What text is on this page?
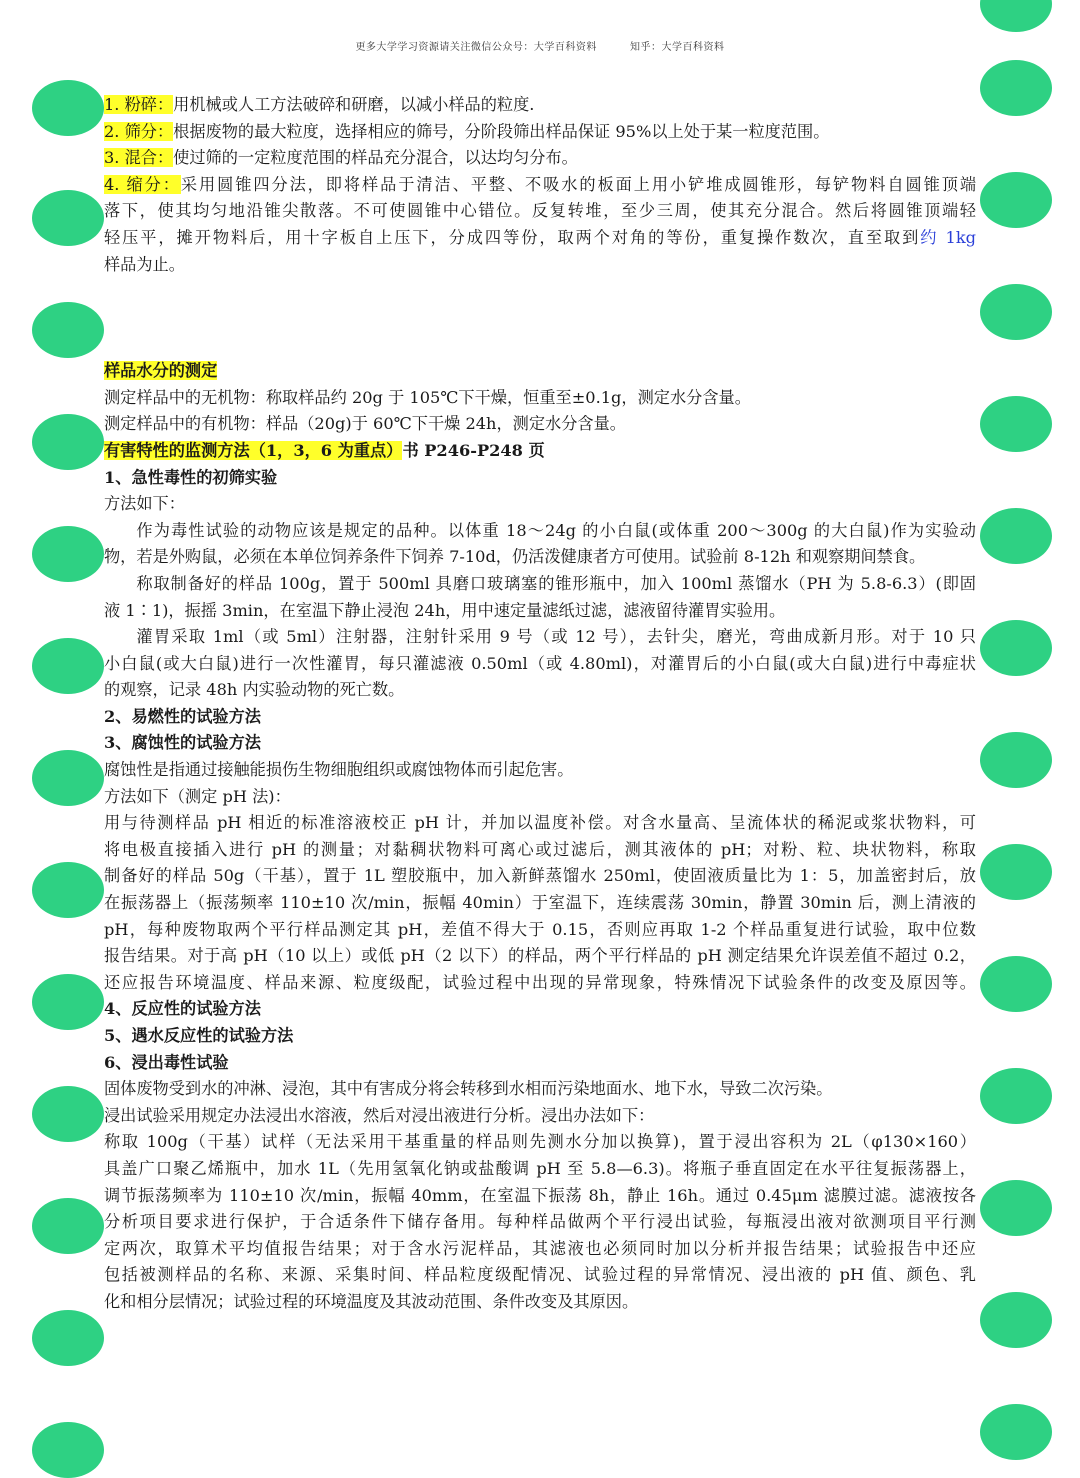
更多大学学习资源请关注微信公众号：大学百科资料	知乎：大学百科资料

1. 粉碎：用机械或人工方法破碎和研磨，以减小样品的粒度.

2. 筛分：根据废物的最大粒度，选择相应的筛号，分阶段筛出样品保证 95%以上处于某一粒度范围。

3. 混合：使过筛的一定粒度范围的样品充分混合，以达均匀分布。

4. 缩分：采用圆锥四分法，即将样品于清洁、平整、不吸水的板面上用小铲堆成圆锥形，每铲物料自圆锥顶端

落下，使其均匀地沿锥尖散落。不可使圆锥中心错位。反复转堆，至少三周，使其充分混合。然后将圆锥顶端轻

轻压平，摊开物料后，用十字板自上压下，分成四等份，取两个对角的等份，重复操作数次，直至取到约 1kg

样品为止。

样品水分的测定

测定样品中的无机物：称取样品约 20g 于 105℃下干燥，恒重至±0.1g，测定水分含量。

测定样品中的有机物：样品（20g)于 60℃下干燥 24h，测定水分含量。

有害特性的监测方法（1，3，6 为重点）书 P246-P248 页

1、急性毒性的初筛实验

方法如下：

作为毒性试验的动物应该是规定的品种。以体重 18～24g 的小白鼠(或体重 200～300g 的大白鼠)作为实验动

物，若是外购鼠，必须在本单位饲养条件下饲养 7-10d，仍活泼健康者方可使用。试验前 8-12h 和观察期间禁食。

称取制备好的样品 100g，置于 500ml 具磨口玻璃塞的锥形瓶中，加入 100ml 蒸馏水（PH 为 5.8-6.3）(即固

液 1∶1)，振摇 3min，在室温下静止浸泡 24h，用中速定量滤纸过滤，滤液留待灌胃实验用。

灌胃采取 1ml（或 5ml）注射器，注射针采用 9 号（或 12 号），去针尖，磨光，弯曲成新月形。对于 10 只

小白鼠(或大白鼠)进行一次性灌胃，每只灌滤液 0.50ml（或 4.80ml)，对灌胃后的小白鼠(或大白鼠)进行中毒症状

的观察，记录 48h 内实验动物的死亡数。

2、易燃性的试验方法

3、腐蚀性的试验方法

腐蚀性是指通过接触能损伤生物细胞组织或腐蚀物体而引起危害。

方法如下（测定 pH 法)：

用与待测样品 pH 相近的标准溶液校正 pH 计，并加以温度补偿。对含水量高、呈流体状的稀泥或浆状物料，可

将电极直接插入进行 pH 的测量；对黏稠状物料可离心或过滤后，测其液体的 pH；对粉、粒、块状物料，称取

制备好的样品 50g（干基），置于 1L 塑胶瓶中，加入新鲜蒸馏水 250ml，使固液质量比为 1：5，加盖密封后，放

在振荡器上（振荡频率 110±10 次/min，振幅 40min）于室温下，连续震荡 30min，静置 30min 后，测上清液的

pH，每种废物取两个平行样品测定其 pH，差值不得大于 0.15，否则应再取 1-2 个样品重复进行试验，取中位数

报告结果。对于高 pH（10 以上）或低 pH（2 以下）的样品，两个平行样品的 pH 测定结果允许误差值不超过 0.2，

还应报告环境温度、样品来源、粒度级配，试验过程中出现的异常现象，特殊情况下试验条件的改变及原因等。

4、反应性的试验方法

5、遇水反应性的试验方法

6、浸出毒性试验

固体废物受到水的冲淋、浸泡，其中有害成分将会转移到水相而污染地面水、地下水，导致二次污染。

浸出试验采用规定办法浸出水溶液，然后对浸出液进行分析。浸出办法如下：

称取 100g（干基）试样（无法采用干基重量的样品则先测水分加以换算)，置于浸出容积为 2L（φ130×160）

具盖广口聚乙烯瓶中，加水 1L（先用氢氧化钠或盐酸调 pH 至 5.8—6.3)。将瓶子垂直固定在水平往复振荡器上，

调节振荡频率为 110±10 次/min，振幅 40mm，在室温下振荡 8h，静止 16h。通过 0.45μm 滤膜过滤。滤液按各

分析项目要求进行保护，于合适条件下储存备用。每种样品做两个平行浸出试验，每瓶浸出液对欲测项目平行测

定两次，取算术平均值报告结果；对于含水污泥样品，其滤液也必须同时加以分析并报告结果；试验报告中还应

包括被测样品的名称、来源、采集时间、样品粒度级配情况、试验过程的异常情况、浸出液的 pH 值、颜色、乳

化和相分层情况；试验过程的环境温度及其波动范围、条件改变及其原因。
